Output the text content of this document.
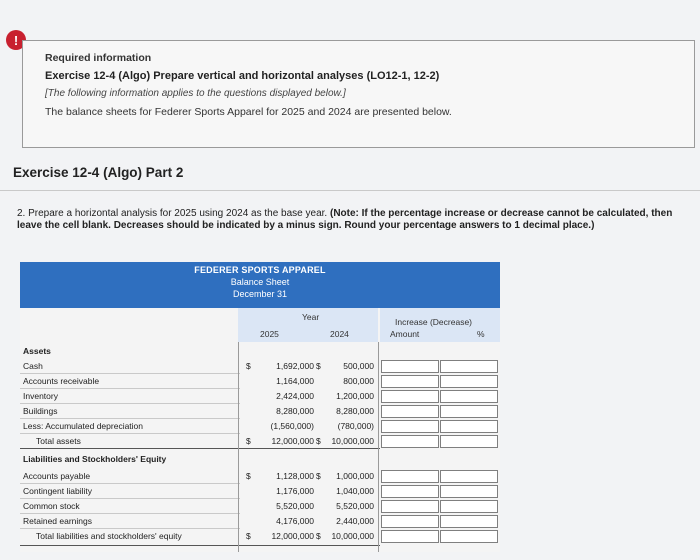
!
Required information
Exercise 12-4 (Algo) Prepare vertical and horizontal analyses (LO12-1, 12-2)
[The following information applies to the questions displayed below.]
The balance sheets for Federer Sports Apparel for 2025 and 2024 are presented below.
Exercise 12-4 (Algo) Part 2
2. Prepare a horizontal analysis for 2025 using 2024 as the base year. (Note: If the percentage increase or decrease cannot be calculated, then leave the cell blank. Decreases should be indicated by a minus sign. Round your percentage answers to 1 decimal place.)
FEDERER SPORTS APPAREL
Balance Sheet
December 31
Year
2025	2024
Increase (Decrease)
Amount	%
Assets
Cash	$	1,692,000 $	500,000
Accounts receivable	1,164,000	800,000
Inventory	2,424,000	1,200,000
Buildings	8,280,000	8,280,000
Less: Accumulated depreciation	(1,560,000)	(780,000)
Total assets	$	12,000,000 $	10,000,000
Liabilities and Stockholders' Equity
Accounts payable	$	1,128,000 $	1,000,000
Contingent liability	1,176,000	1,040,000
Common stock	5,520,000	5,520,000
Retained earnings	4,176,000	2,440,000
Total liabilities and stockholders' equity	$	12,000,000 $	10,000,000
